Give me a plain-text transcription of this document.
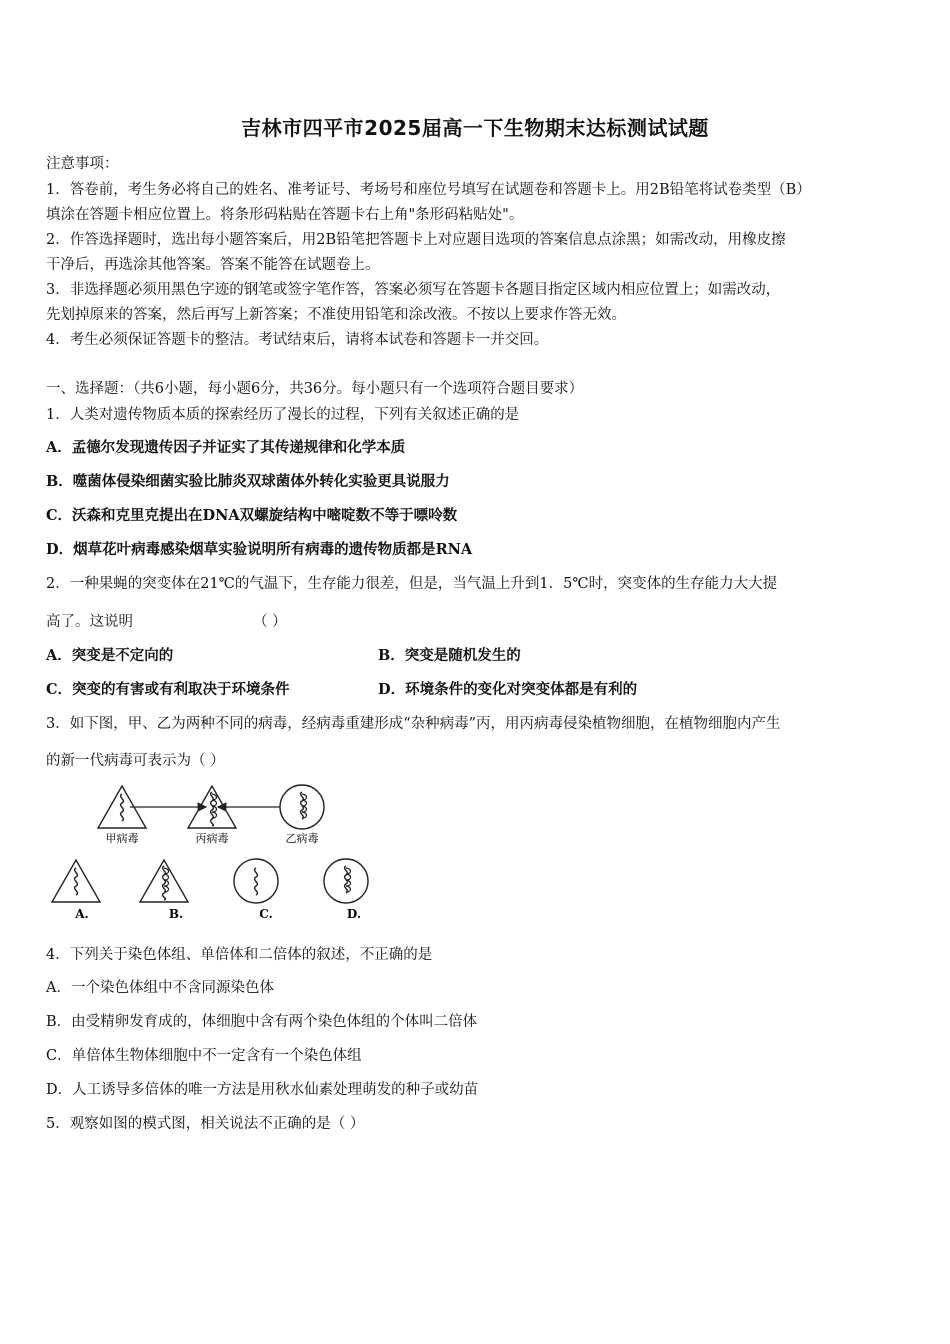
吉林市四平市2025届高一下生物期末达标测试试题
注意事项：
1．答卷前，考生务必将自己的姓名、准考证号、考场号和座位号填写在试题卷和答题卡上。用2B铅笔将试卷类型（B）
填涂在答题卡相应位置上。将条形码粘贴在答题卡右上角"条形码粘贴处"。
2．作答选择题时，选出每小题答案后，用2B铅笔把答题卡上对应题目选项的答案信息点涂黑；如需改动，用橡皮擦
干净后，再选涂其他答案。答案不能答在试题卷上。
3．非选择题必须用黑色字迹的钢笔或签字笔作答，答案必须写在答题卡各题目指定区域内相应位置上；如需改动，
先划掉原来的答案，然后再写上新答案；不准使用铅笔和涂改液。不按以上要求作答无效。
4．考生必须保证答题卡的整洁。考试结束后，请将本试卷和答题卡一并交回。
一、选择题：（共6小题，每小题6分，共36分。每小题只有一个选项符合题目要求）
1．人类对遗传物质本质的探索经历了漫长的过程，下列有关叙述正确的是
A．孟德尔发现遗传因子并证实了其传递规律和化学本质
B．噬菌体侵染细菌实验比肺炎双球菌体外转化实验更具说服力
C．沃森和克里克提出在DNA双螺旋结构中嘧啶数不等于嘌呤数
D．烟草花叶病毒感染烟草实验说明所有病毒的遗传物质都是RNA
2．一种果蝇的突变体在21℃的气温下，生存能力很差，但是，当气温上升到1．5℃时，突变体的生存能力大大提
高了。这说明	（ ）
A．突变是不定向的	B．突变是随机发生的
C．突变的有害或有利取决于环境条件	D．环境条件的变化对突变体都是有利的
3．如下图，甲、乙为两种不同的病毒，经病毒重建形成“杂种病毒”丙，用丙病毒侵染植物细胞，在植物细胞内产生
的新一代病毒可表示为（ ）
甲病毒	丙病毒	乙病毒
A.	B.	C.	D.
4．下列关于染色体组、单倍体和二倍体的叙述，不正确的是
A．一个染色体组中不含同源染色体
B．由受精卵发育成的，体细胞中含有两个染色体组的个体叫二倍体
C．单倍体生物体细胞中不一定含有一个染色体组
D．人工诱导多倍体的唯一方法是用秋水仙素处理萌发的种子或幼苗
5．观察如图的模式图，相关说法不正确的是（ ）
